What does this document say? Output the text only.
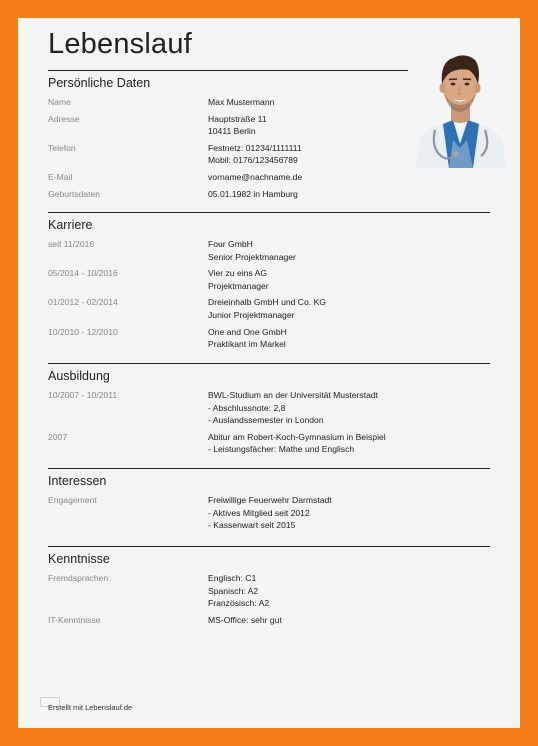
Lebenslauf
Persönliche Daten
Name	Max Mustermann
Adresse	Hauptstraße 11
10411 Berlin
Telefon	Festnetz: 01234/1111111
Mobil: 0176/123456789
E-Mail	vorname@nachname.de
Geburtsdaten	05.01.1982 in Hamburg
Karriere
seit 11/2016	Four GmbH
Senior Projektmanager
05/2014 - 10/2016	Vier zu eins AG
Projektmanager
01/2012 - 02/2014	Dreieinhalb GmbH und Co. KG
Junior Projektmanager
10/2010 - 12/2010	One and One GmbH
Praktikant im Markel
Ausbildung
10/2007 - 10/2011	BWL-Studium an der Universität Musterstadt
- Abschlussnote: 2,8
- Auslandssemester in London
2007	Abitur am Robert-Koch-Gymnasium in Beispiel
- Leistungsfächer: Mathe und Englisch
Interessen
Engagement	Freiwillige Feuerwehr Darmstadt
- Aktives Mitglied seit 2012
- Kassenwart seit 2015
Kenntnisse
Fremdsprachen	Englisch: C1
Spanisch: A2
Französisch: A2
IT-Kenntnisse	MS-Office: sehr gut
Erstellt mit Lebenslauf.de
